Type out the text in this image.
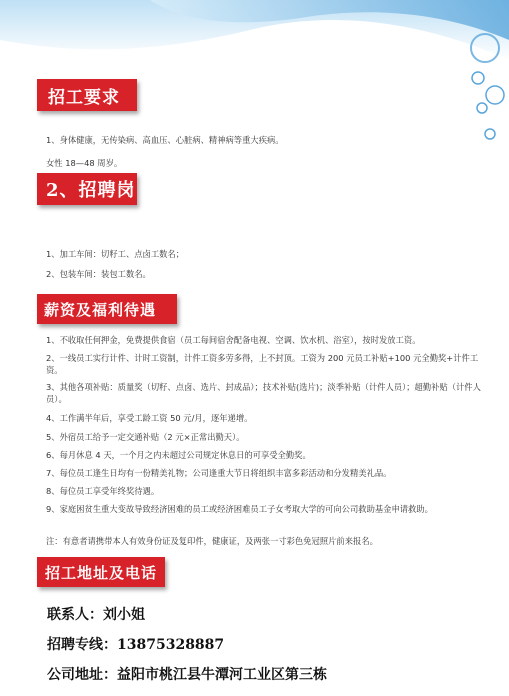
招工要求
1、身体健康，无传染病、高血压、心脏病、精神病等重大疾病。
女性 18—48 周岁。
2、招聘岗
1、加工车间：切籽工、点卤工数名；
2、包装车间：装包工数名。
薪资及福利待遇
1、不收取任何押金，免费提供食宿（员工每间宿舍配备电视、空调、饮水机、浴室），按时发放工资。
2、一线员工实行计件、计时工资制，计件工资多劳多得，上不封顶。工资为 200 元员工补贴+100 元全勤奖+计件工资。
3、其他各项补贴：质量奖（切籽、点卤、选片、封成品）；技术补贴(选片)；淡季补贴（计件人员）；超勤补贴（计件人员）。
4、工作满半年后，享受工龄工资 50 元/月，逐年递增。
5、外宿员工给予一定交通补贴（2 元×正常出勤天）。
6、每月休息 4 天，一个月之内未超过公司规定休息日的可享受全勤奖。
7、每位员工逢生日均有一份精美礼物；公司逢重大节日将组织丰富多彩活动和分发精美礼品。
8、每位员工享受年终奖待遇。
9、家庭困贫生重大变故导致经济困难的员工或经济困难员工子女考取大学的可向公司救助基金申请救助。
注：有意者请携带本人有效身份证及复印件，健康证，及两张一寸彩色免冠照片前来报名。
招工地址及电话
联系人：刘小姐
招聘专线：13875328887
公司地址：益阳市桃江县牛潭河工业区第三栋
